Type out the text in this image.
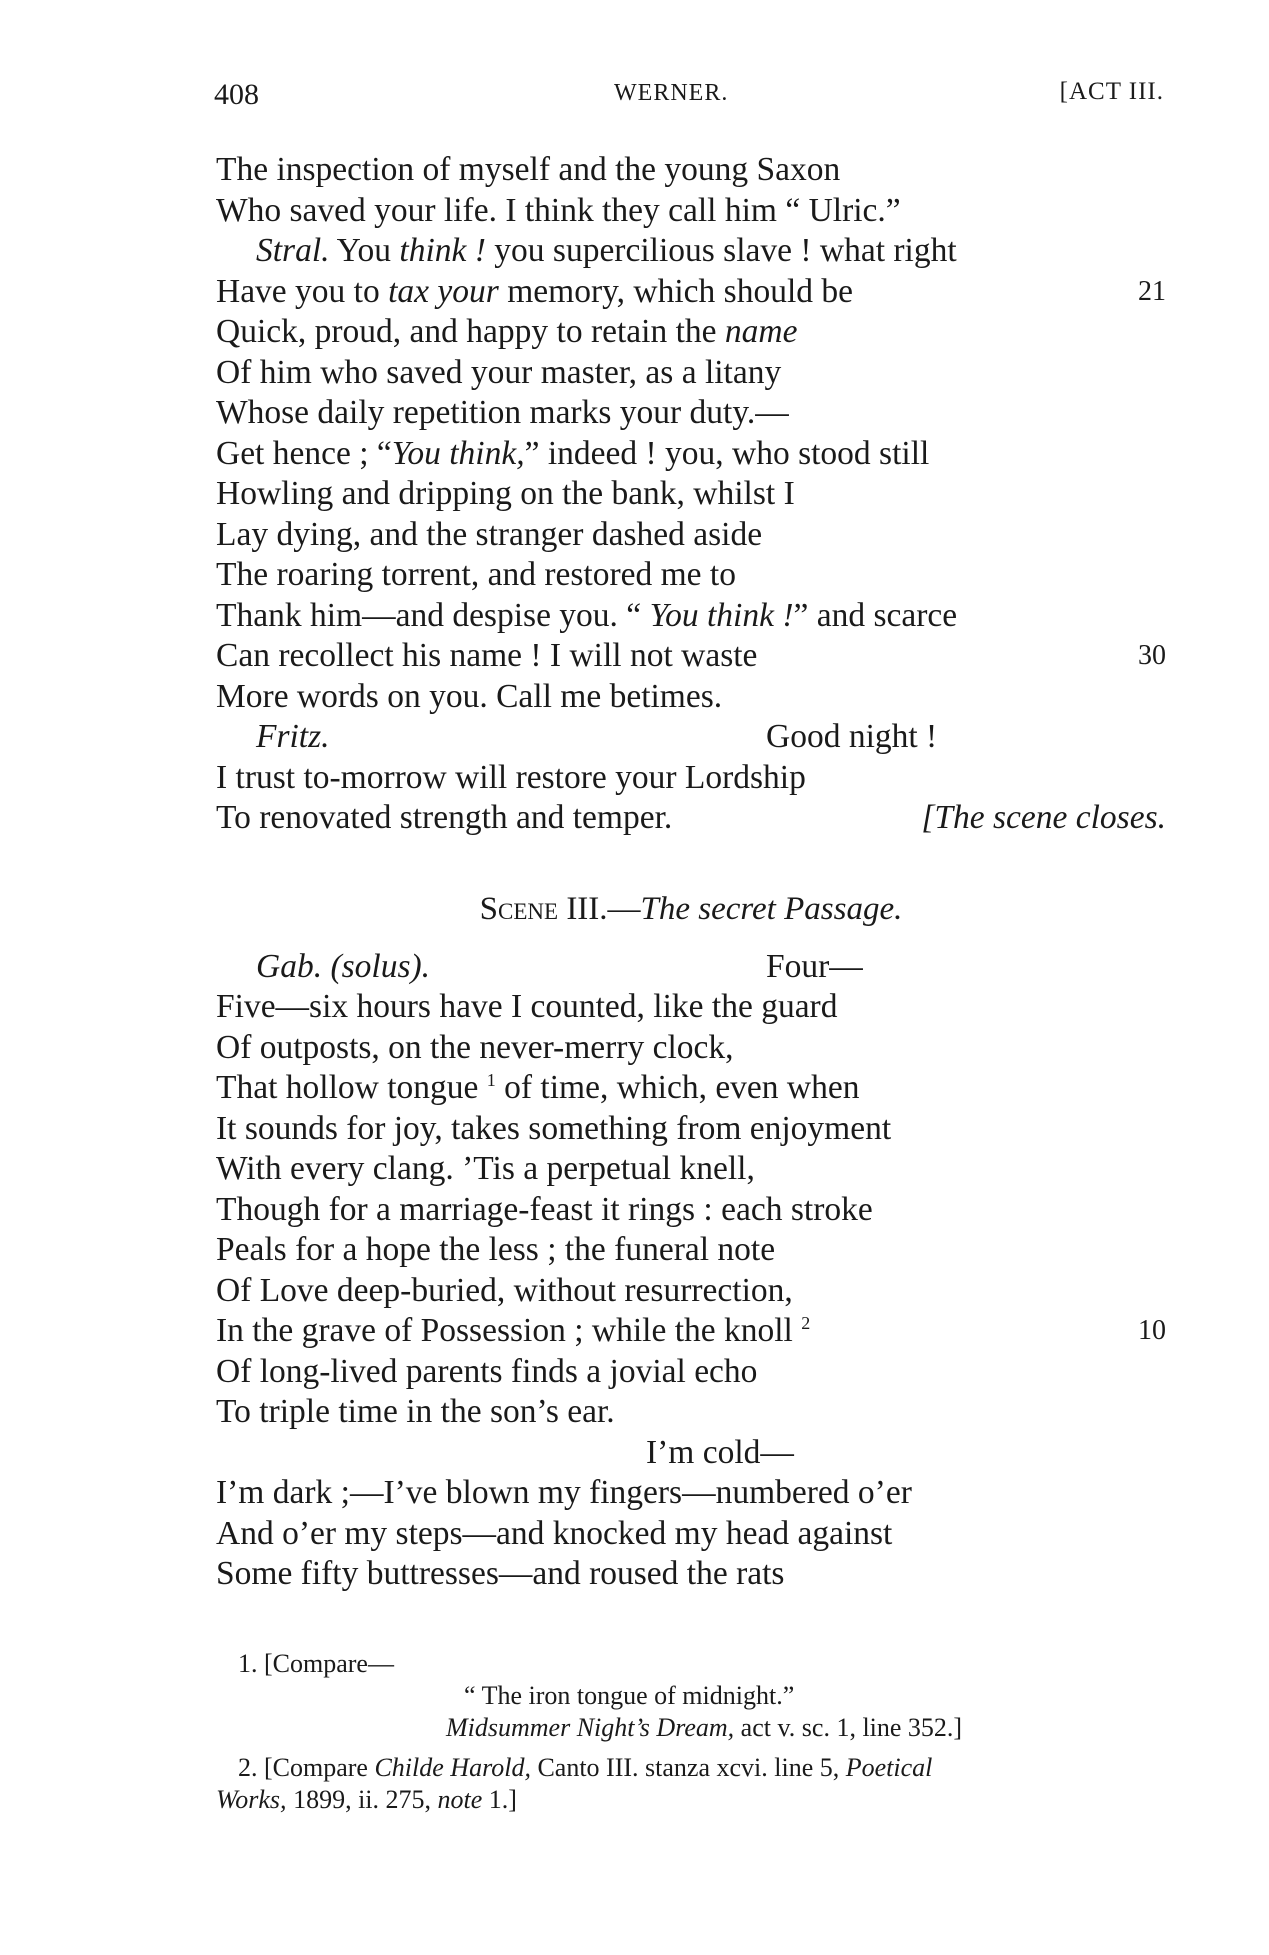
408	WERNER.	[ACT III.
The inspection of myself and the young Saxon
Who saved your life. I think they call him “ Ulric.”
Stral. You think ! you supercilious slave ! what right
Have you to tax your memory, which should be	21
Quick, proud, and happy to retain the name
Of him who saved your master, as a litany
Whose daily repetition marks your duty.—
Get hence ; “You think,” indeed ! you, who stood still
Howling and dripping on the bank, whilst I
Lay dying, and the stranger dashed aside
The roaring torrent, and restored me to
Thank him—and despise you. “ You think !” and scarce
Can recollect his name ! I will not waste	30
More words on you. Call me betimes.
Fritz.	Good night !
I trust to-morrow will restore your Lordship
To renovated strength and temper.	[The scene closes.
Scene III.—The secret Passage.
Gab. (solus).	Four—
Five—six hours have I counted, like the guard
Of outposts, on the never-merry clock,
That hollow tongue $^1$ of time, which, even when
It sounds for joy, takes something from enjoyment
With every clang. ’Tis a perpetual knell,
Though for a marriage-feast it rings : each stroke
Peals for a hope the less ; the funeral note
Of Love deep-buried, without resurrection,
In the grave of Possession ; while the knoll $^2$	10
Of long-lived parents finds a jovial echo
To triple time in the son’s ear.
I’m cold—
I’m dark ;—I’ve blown my fingers—numbered o’er
And o’er my steps—and knocked my head against
Some fifty buttresses—and roused the rats
1. [Compare—
“ The iron tongue of midnight.”
Midsummer Night’s Dream, act v. sc. 1, line 352.]
2. [Compare Childe Harold, Canto III. stanza xcvi. line 5, Poetical
Works, 1899, ii. 275, note 1.]
